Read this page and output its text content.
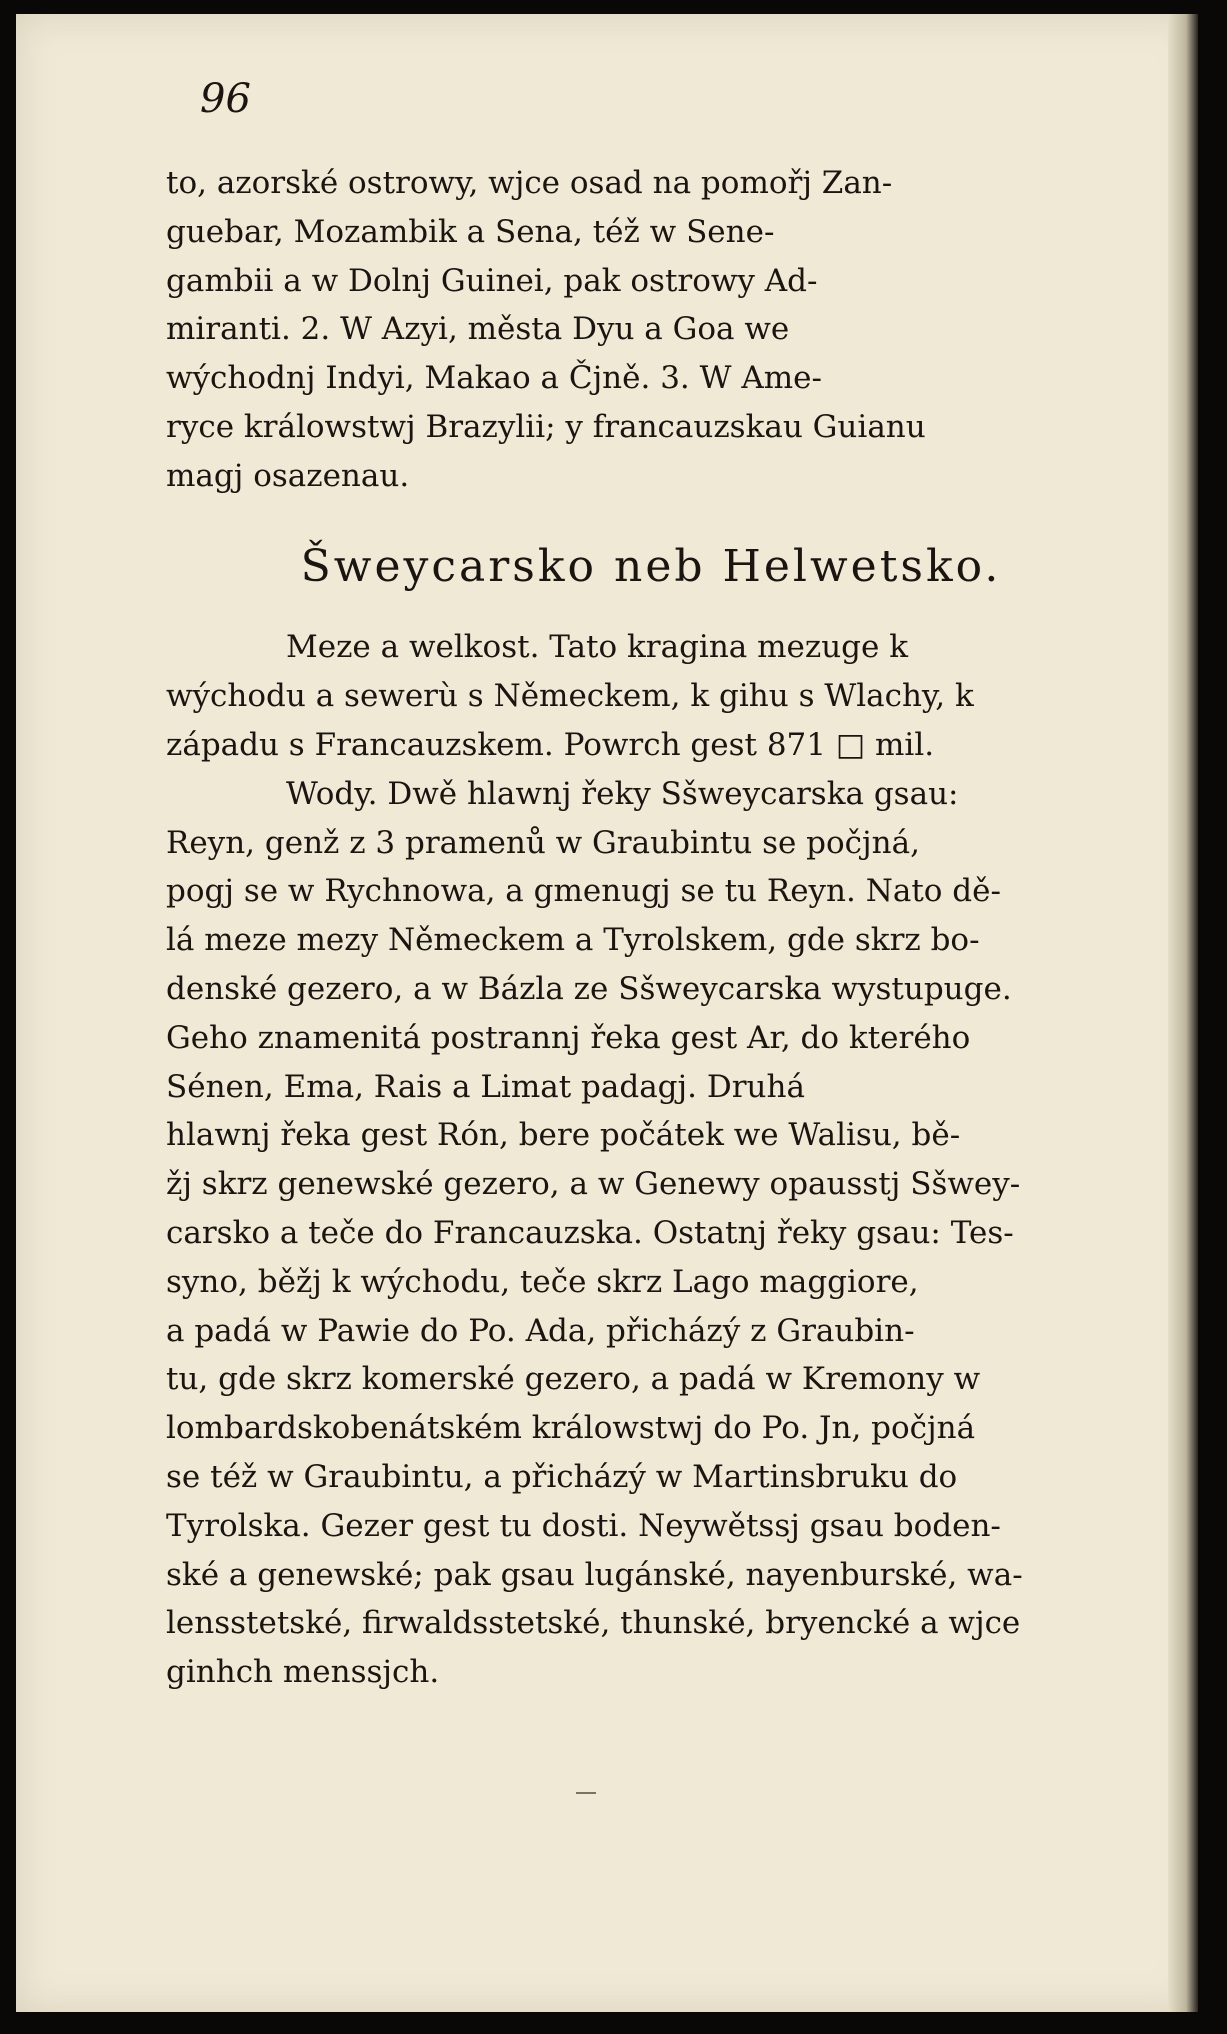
96

to, azorské ostrowy, wjce osad na pomořj Zan-
guebar, Mozambik a Sena, též w Sene-
gambii a w Dolnj Guinei, pak ostrowy Ad-
miranti. 2. W Azyi, města Dyu a Goa we
wýchodnj Indyi, Makao a Čjně. 3. W Ame-
ryce králowstwj Brazylii; y francauzskau Guianu
magj osazenau.

Šweycarsko neb Helwetsko.

Meze a welkost. Tato kragina mezuge k
wýchodu a sewerù s Německem, k gihu s Wlachy, k
západu s Francauzskem. Powrch gest 871 □ mil.

Wody. Dwě hlawnj řeky Sšweycarska gsau:
Reyn, genž z 3 pramenů w Graubintu se počjná,
pogj se w Rychnowa, a gmenugj se tu Reyn. Nato dě-
lá meze mezy Německem a Tyrolskem, gde skrz bo-
denské gezero, a w Bázla ze Sšweycarska wystupuge.
Geho znamenitá postrannj řeka gest Ar, do kterého
Sénen, Ema, Rais a Limat padagj. Druhá
hlawnj řeka gest Rón, bere počátek we Walisu, bě-
žj skrz genewské gezero, a w Genewy opausstj Sšwey-
carsko a teče do Francauzska. Ostatnj řeky gsau: Tes-
syno, běžj k wýchodu, teče skrz Lago maggiore,
a padá w Pawie do Po. Ada, přicházý z Graubin-
tu, gde skrz komerské gezero, a padá w Kremony w
lombardskobenátském králowstwj do Po. Jn, počjná
se též w Graubintu, a přicházý w Martinsbruku do
Tyrolska. Gezer gest tu dosti. Neywětssj gsau boden-
ské a genewské; pak gsau lugánské, nayenburské, wa-
lensstetské, firwaldsstetské, thunské, bryencké a wjce
ginhch menssjch.
